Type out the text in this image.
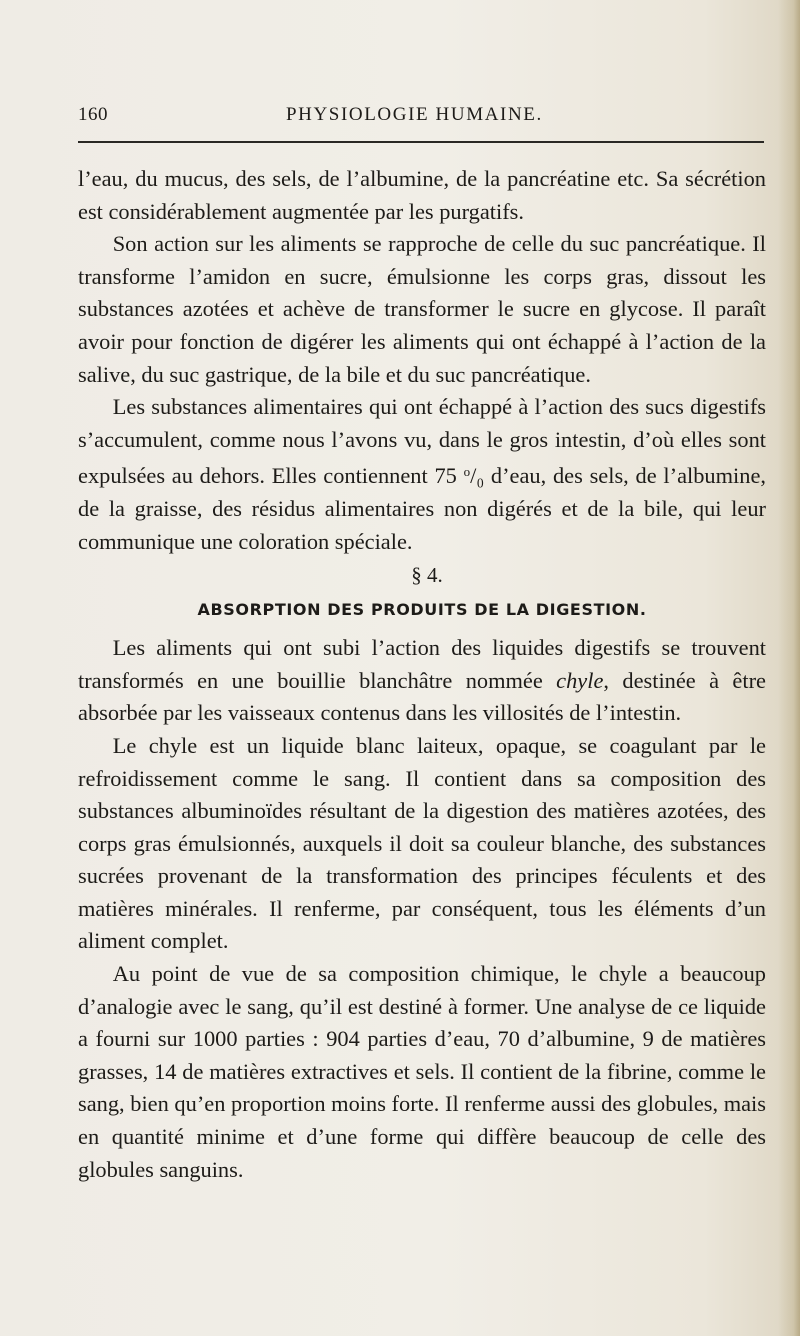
160	PHYSIOLOGIE HUMAINE.

l’eau, du mucus, des sels, de l’albumine, de la pancréatine etc. Sa sécrétion est considérablement augmentée par les purgatifs.

Son action sur les aliments se rapproche de celle du suc pancréatique. Il transforme l’amidon en sucre, émulsionne les corps gras, dissout les substances azotées et achève de transformer le sucre en glycose. Il paraît avoir pour fonction de digérer les aliments qui ont échappé à l’action de la salive, du suc gastrique, de la bile et du suc pancréatique.

Les substances alimentaires qui ont échappé à l’action des sucs digestifs s’accumulent, comme nous l’avons vu, dans le gros intestin, d’où elles sont expulsées au dehors. Elles contiennent 75 $^o$/₀ d’eau, des sels, de l’albumine, de la graisse, des résidus alimentaires non digérés et de la bile, qui leur communique une coloration spéciale.

§ 4.
ABSORPTION DES PRODUITS DE LA DIGESTION.

Les aliments qui ont subi l’action des liquides digestifs se trouvent transformés en une bouillie blanchâtre nommée chyle, destinée à être absorbée par les vaisseaux contenus dans les villosités de l’intestin.

Le chyle est un liquide blanc laiteux, opaque, se coagulant par le refroidissement comme le sang. Il contient dans sa composition des substances albuminoïdes résultant de la digestion des matières azotées, des corps gras émulsionnés, auxquels il doit sa couleur blanche, des substances sucrées provenant de la transformation des principes féculents et des matières minérales. Il renferme, par conséquent, tous les éléments d’un aliment complet.

Au point de vue de sa composition chimique, le chyle a beaucoup d’analogie avec le sang, qu’il est destiné à former. Une analyse de ce liquide a fourni sur 1000 parties : 904 parties d’eau, 70 d’albumine, 9 de matières grasses, 14 de matières extractives et sels. Il contient de la fibrine, comme le sang, bien qu’en proportion moins forte. Il renferme aussi des globules, mais en quantité minime et d’une forme qui diffère beaucoup de celle des globules sanguins.
